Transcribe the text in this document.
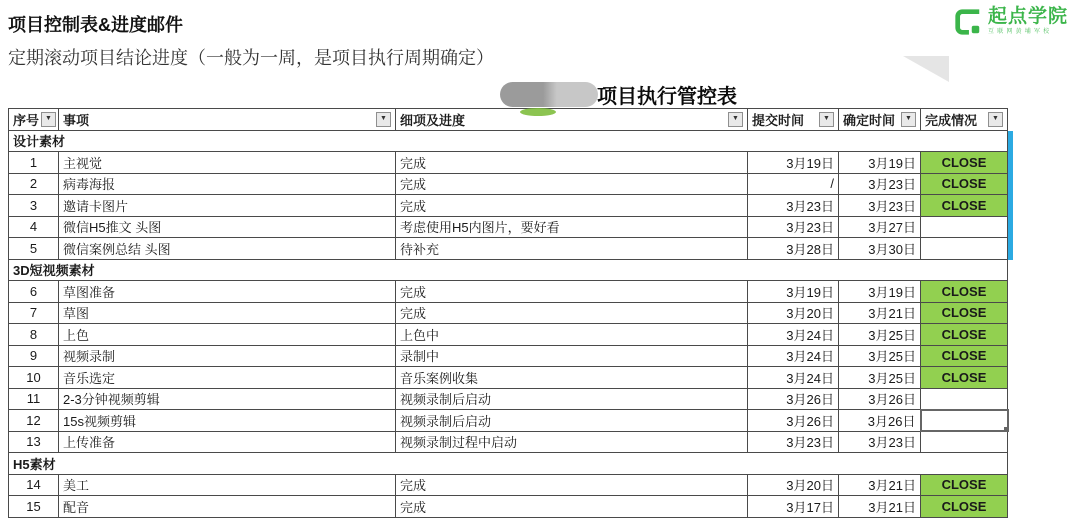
项目控制表&进度邮件
定期滚动项目结论进度（一般为一周，是项目执行周期确定）
起点学院
互联网黄埔军校
项目执行管控表
序号 ▼	事项 ▼	细项及进度 ▼	提交时间 ▼	确定时间 ▼	完成情况 ▼

设计素材					
1	主视觉	完成	3月19日	3月19日	CLOSE
2	病毒海报	完成	/	3月23日	CLOSE
3	邀请卡图片	完成	3月23日	3月23日	CLOSE
4	微信H5推文 头图	考虑使用H5内图片，要好看	3月23日	3月27日	
5	微信案例总结 头图	待补充	3月28日	3月30日	
3D短视频素材					
6	草图准备	完成	3月19日	3月19日	CLOSE
7	草图	完成	3月20日	3月21日	CLOSE
8	上色	上色中	3月24日	3月25日	CLOSE
9	视频录制	录制中	3月24日	3月25日	CLOSE
10	音乐选定	音乐案例收集	3月24日	3月25日	CLOSE
11	2-3分钟视频剪辑	视频录制后启动	3月26日	3月26日	
12	15s视频剪辑	视频录制后启动	3月26日	3月26日	
13	上传准备	视频录制过程中启动	3月23日	3月23日	
H5素材					
14	美工	完成	3月20日	3月21日	CLOSE
15	配音	完成	3月17日	3月21日	CLOSE
